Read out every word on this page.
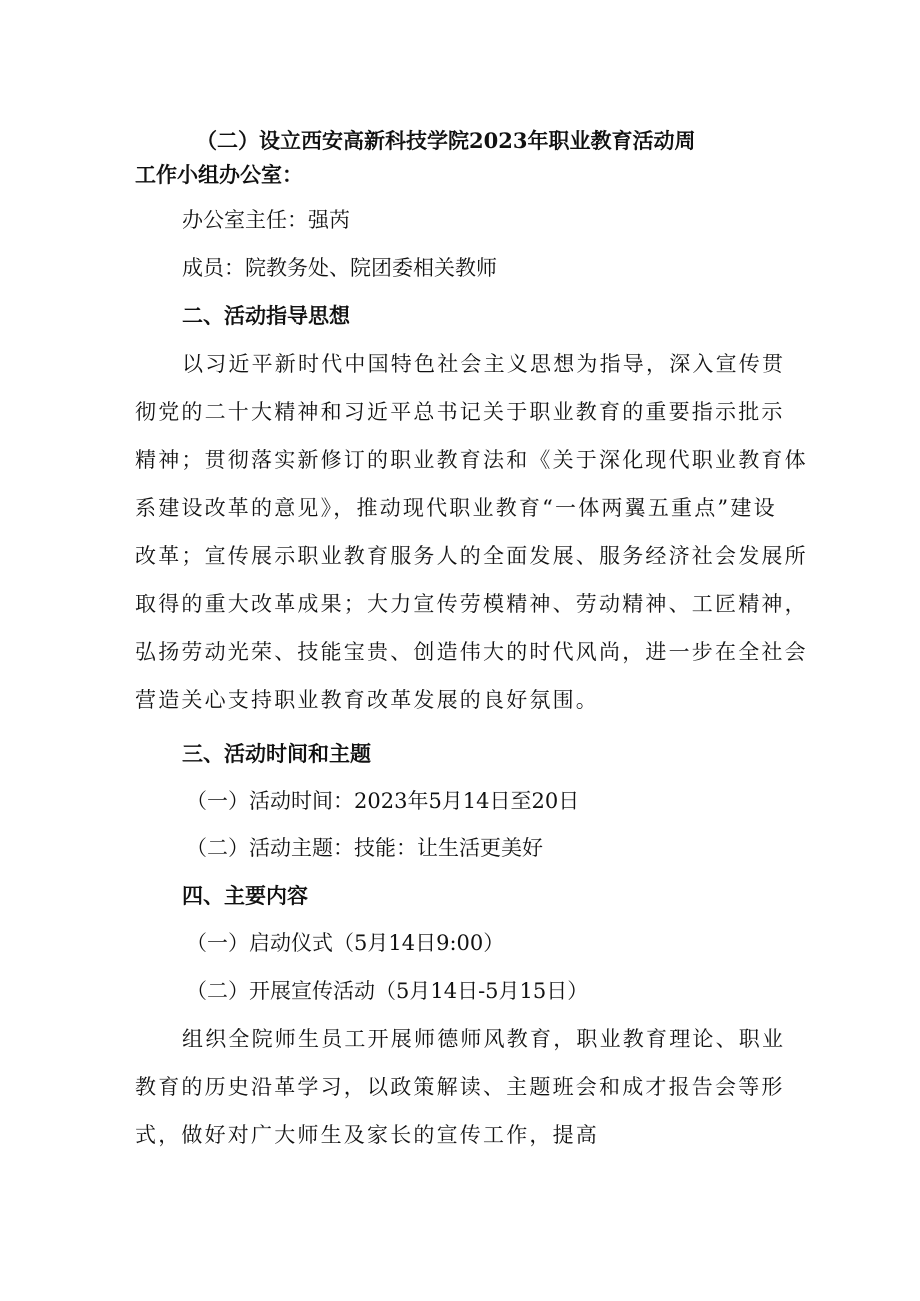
（二）设立西安高新科技学院2023年职业教育活动周
工作小组办公室：
办公室主任：强芮
成员：院教务处、院团委相关教师
二、活动指导思想
以习近平新时代中国特色社会主义思想为指导，深入宣传贯
彻党的二十大精神和习近平总书记关于职业教育的重要指示批示
精神；贯彻落实新修订的职业教育法和《关于深化现代职业教育体
系建设改革的意见》，推动现代职业教育“一体两翼五重点”建设
改革；宣传展示职业教育服务人的全面发展、服务经济社会发展所
取得的重大改革成果；大力宣传劳模精神、劳动精神、工匠精神，
弘扬劳动光荣、技能宝贵、创造伟大的时代风尚，进一步在全社会
营造关心支持职业教育改革发展的良好氛围。
三、活动时间和主题
（一）活动时间：2023年5月14日至20日
（二）活动主题：技能：让生活更美好
四、主要内容
（一）启动仪式（5月14日9:00）
（二）开展宣传活动（5月14日-5月15日）
组织全院师生员工开展师德师风教育，职业教育理论、职业
教育的历史沿革学习，以政策解读、主题班会和成才报告会等形
式，做好对广大师生及家长的宣传工作，提高
